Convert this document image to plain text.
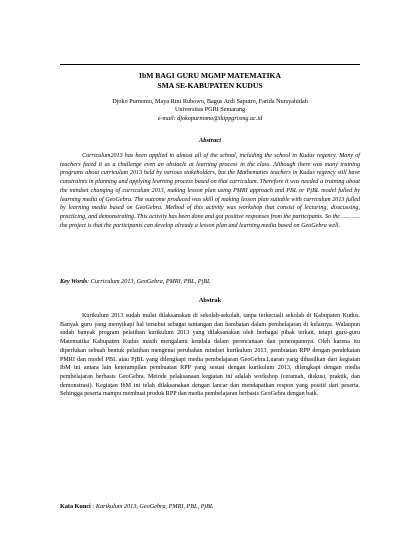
IbM BAGI GURU MGMP MATEMATIKA
SMA SE-KABUPATEN KUDUS
Djoko Purnomo, Maya Rini Rubowo, Bagus Ardi Saputro, Farida Nursyahidah
Universitas PGRI Semarang
e-mail: djokopurnomo@ikippgrismg.ac.id
Abstract

Curriculum2013 has been applied in almost all of the school, including the school in Kudus regency. Many of teachers faced it as a challenge even an obstacle at learning process in the class. Although there was many training programs about curriculum 2013 held by various stakeholders, but the Mathematics teachers in Kudus regency still have constraints in planning and applying learning process based on that curriculum. Therefore it was needed a training about the mindset changing of curriculum 2013, making lesson plan using PMRI approach and PBL or PjBL model fulled by learning media of GeoGebra. The outcome produced was skill of making lesson plan suitable with curriculum 2013 fulled by learning media based on GeoGebra. Method of this activity was workshop that consist of lecturing, disscussing, practicing, and demonstrating. This activity has been done and got positive responses from the participants. So the ….. ….. the project is that the participants can develop already a lesson plan and learning media based on GeoGebra well.

Key Words: Curriculum 2013, GeoGebra, PMRI, PBL, PjBL
Abstrak

Kurikulum 2013 sudah mulai dilaksanakan di sekolah-sekolah, tanpa terkecuali sekolah di Kabupaten Kudus. Banyak guru yang menyikapi hal tersebut sebagai tantangan dan hambatan dalam pembelajaran di kelasnya. Walaupun sudah banyak program pelatihan kurikulum 2013 yang dilaksanakan oleh berbagai pihak terkait, tetapi guru-guru Matematika Kabupaten Kudus masih mengalami kendala dalam perencanaan dan penerapannya. Oleh karena itu diperlukan sebuah bentuk pelatihan mengenai perubahan mindset kurikulum 2013, pembuatan RPP dengan pendekatan PMRI dan model PBL atau PjBL yang dilengkapi media pembelajaran GeoGebra.Luaran yang dihasilkan dari kegiatan IbM ini antara lain keterampilan pembuatan RPP yang sesuai dengan kurikulum 2013, dilengkapi dengan media pembelajaran berbasis GeoGebra. Metode pelaksanaan kegiatan ini adalah workshop (ceramah, diskusi, praktik, dan demonstrasi). Kegiatan IbM ini telah dilaksanakan dengan lancar dan mendapatkan respon yang positif dari peserta. Sehingga peserta mampu membuat produk RPP dan media pembelajaran berbasis GeoGebra dengan baik.

Kata Kunci : Kurikulum 2013, GeoGebra, PMRI, PBL, PjBL
